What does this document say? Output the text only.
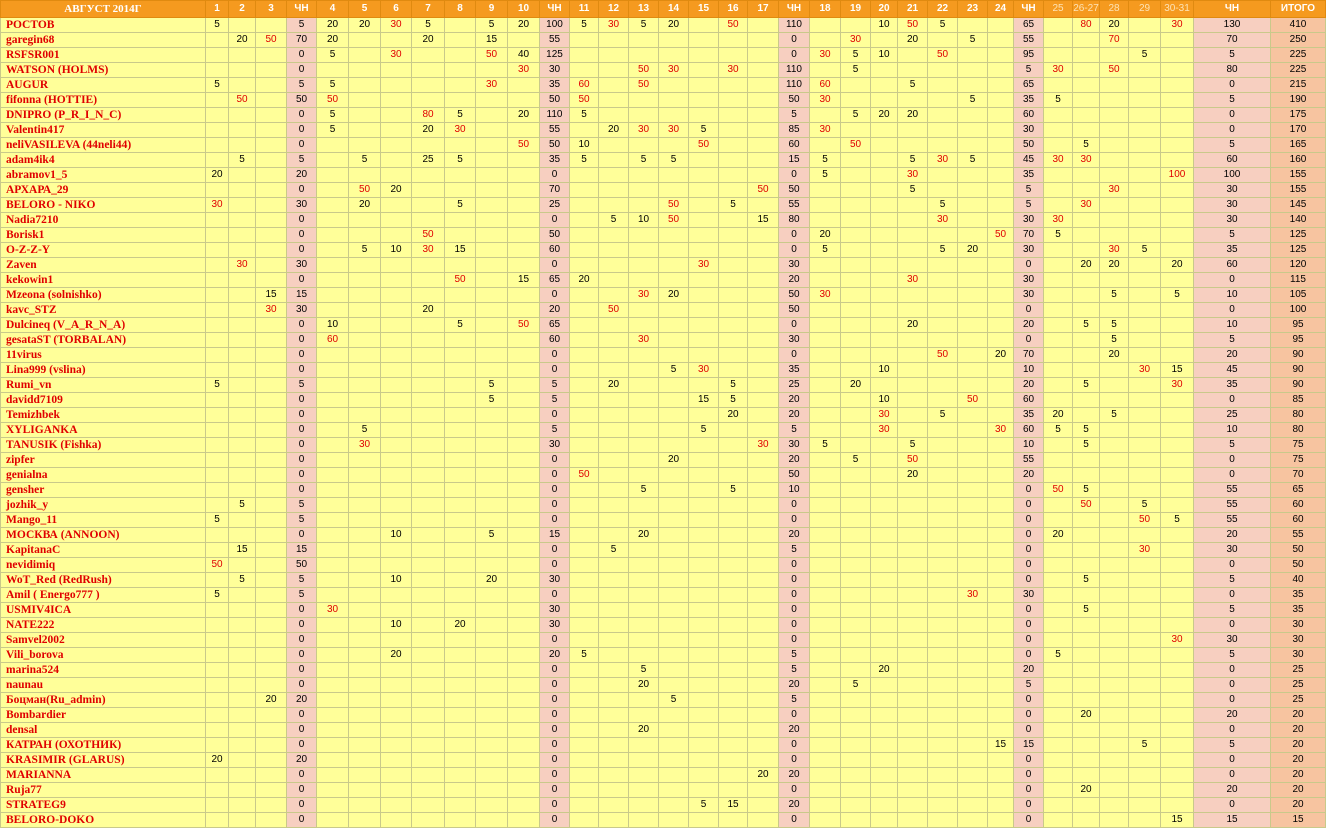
АВГУСТ 2014Г	1	2	3	ЧН	4	5	6	7	8	9	10	ЧН	11	12	13	14	15	16	17	ЧН	18	19	20	21	22	23	24	ЧН	25	26-27	28	29	30-31	ЧН	ИТОГО
РОСТОВ	5			5	20	20	30	5		5	20	100	5	30	5	20		50		110			10	50	5			65		80	20		30	130	410
garegin68		20	50	70	20			20		15		55								0		30		20		5		55			70			70	250
RSFSR001				0	5		30			50	40	125								0	30	5	10		50			95				5		5	225
WATSON (HOLMS)				0							30	30			50	30		30		110		5						5	30		50			80	225
AUGUR	5			5	5					30		35	60		50					110	60			5				65						0	215
fifonna (HOTTIE)		50		50	50							50	50							50	30					5		35	5					5	190
DNIPRO (P_R_I_N_C)				0	5			80	5		20	110	5							5		5	20	20				60						0	175
Valentin417				0	5			20	30			55		20	30	30	5			85	30							30						0	170
neliVASILEVA (44neli44)				0							50	50	10				50			60		50						50		5				5	165
adam4ik4		5		5		5		25	5			35	5		5	5				15	5			5	30	5		45	30	30				60	160
abramov1_5	20			20								0								0	5			30				35					100	100	155
АРХАРА_29				0		50	20					70							50	50				5				5			30			30	155
BELORO - NIKO	30			30		20			5			25				50		5		55					5			5		30				30	145
Nadia7210				0								0		5	10	50			15	80					30			30	30					30	140
Borisk1				0				50				50								0	20						50	70	5					5	125
O-Z-Z-Y				0		5	10	30	15			60								0	5				5	20		30			30	5		35	125
Zaven		30		30								0					30			30								0		20	20		20	60	120
kekowin1				0					50		15	65	20							20				30				30						0	115
Mzeona (solnishko)			15	15								0			30	20				50	30							30			5		5	10	105
kavc_STZ			30	30				20				20		50						50								0						0	100
Dulcineq (V_A_R_N_A)				0	10				5		50	65								0				20				20		5	5			10	95
gesataST (TORBALAN)				0	60							60			30					30								0			5			5	95
11virus				0								0								0					50		20	70			20			20	90
Lina999 (vslina)				0								0				5	30			35			10					10				30	15	45	90
Rumi_vn	5			5						5		5		20				5		25		20						20		5			30	35	90
davidd7109				0						5		5					15	5		20			10			50		60						0	85
Temizhbek				0								0						20		20			30		5			35	20		5			25	80
XYLIGANKA				0		5						5					5			5			30				30	60	5	5				10	80
TANUSIK (Fishka)				0		30						30							30	30	5			5				10		5				5	75
zipfer				0								0				20				20		5		50				55						0	75
genialna				0								0	50							50				20				20						0	70
gensher				0								0			5			5		10								0	50	5				55	65
jozhik_y		5		5								0								0								0		50		5		55	60
Mango_11	5			5								0								0								0				50	5	55	60
МОСКВА (ANNOON)				0			10			5		15			20					20								0	20					20	55
KapitanaC		15		15								0		5						5								0				30		30	50
nevidimiq	50			50								0								0								0						0	50
WoT_Red (RedRush)		5		5			10			20		30								0								0		5				5	40
Amil ( Energo777 )	5			5								0								0						30		30						0	35
USMIV4ICA				0	30							30								0								0		5				5	35
NATE222				0			10		20			30								0								0						0	30
Samvel2002				0								0								0								0					30	30	30
Vili_borova				0			20					20	5							5								0	5					5	30
marina524				0								0			5					5			20					20						0	25
naunau				0								0			20					20		5						5						0	25
Боцман(Ru_admin)			20	20								0				5				5								0						0	25
Bombardier				0								0								0								0		20				20	20
densal				0								0			20					20								0						0	20
КАТРАН (ОХОТНИК)				0								0								0							15	15				5		5	20
KRASIMIR (GLARUS)	20			20								0								0								0						0	20
MARIANNA				0								0							20	20								0						0	20
Ruja77				0								0								0								0		20				20	20
STRATEG9				0								0					5	15		20								0						0	20
BELORO-DOKO				0								0								0								0					15	15	15
